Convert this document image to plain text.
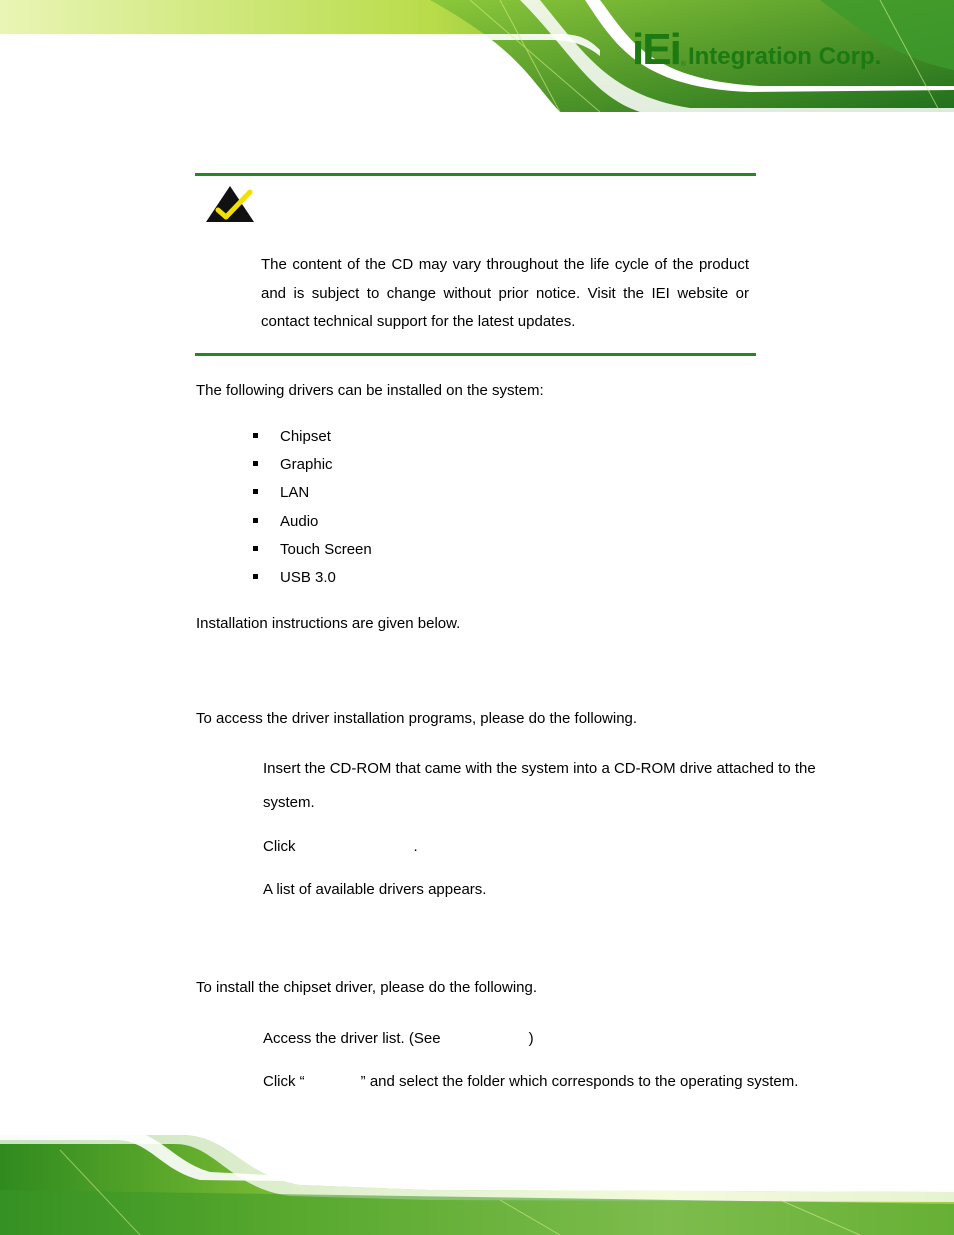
iEi ® Integration Corp.
The content of the CD may vary throughout the life cycle of the product and is subject to change without prior notice. Visit the IEI website or contact technical support for the latest updates.
The following drivers can be installed on the system:
Chipset
Graphic
LAN
Audio
Touch Screen
USB 3.0
Installation instructions are given below.
To access the driver installation programs, please do the following.
Insert the CD-ROM that came with the system into a CD-ROM drive attached to the system.
Click	.
A list of available drivers appears.
To install the chipset driver, please do the following.
Access the driver list. (See	)
Click “	” and select the folder which corresponds to the operating system.
